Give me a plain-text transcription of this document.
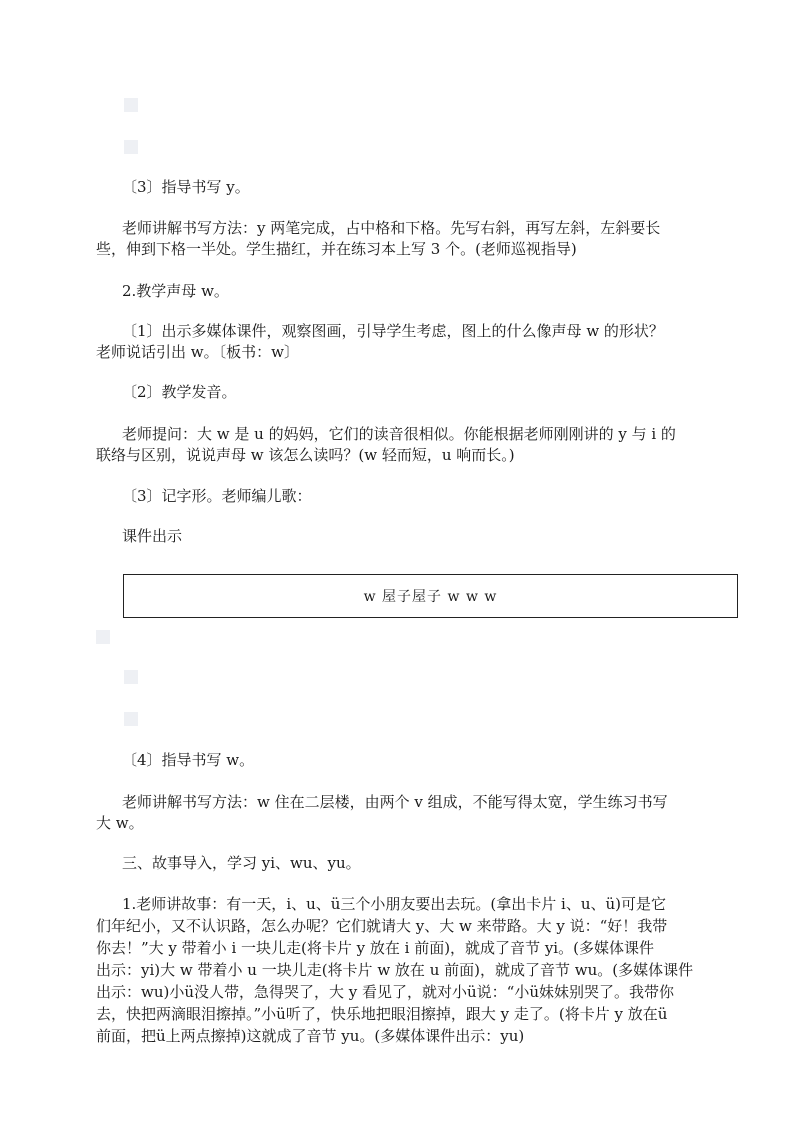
〔3〕指导书写 y。
老师讲解书写方法：y 两笔完成，占中格和下格。先写右斜，再写左斜，左斜要长
些，伸到下格一半处。学生描红，并在练习本上写 3 个。(老师巡视指导)
2.教学声母 w。
〔1〕出示多媒体课件，观察图画，引导学生考虑，图上的什么像声母 w 的形状？
老师说话引出 w。〔板书：w〕
〔2〕教学发音。
老师提问：大 w 是 u 的妈妈，它们的读音很相似。你能根据老师刚刚讲的 y 与 i 的
联络与区别，说说声母 w 该怎么读吗？(w 轻而短，u 响而长。)
〔3〕记字形。老师编儿歌：
课件出示
w 屋子屋子 w w w
〔4〕指导书写 w。
老师讲解书写方法：w 住在二层楼，由两个 v 组成，不能写得太宽，学生练习书写
大 w。
三、故事导入，学习 yi、wu、yu。
1.老师讲故事：有一天，i、u、ü三个小朋友要出去玩。(拿出卡片 i、u、ü)可是它
们年纪小，又不认识路，怎么办呢？它们就请大 y、大 w 来带路。大 y 说：“好！我带
你去！”大 y 带着小 i 一块儿走(将卡片 y 放在 i 前面)，就成了音节 yi。(多媒体课件
出示：yi)大 w 带着小 u 一块儿走(将卡片 w 放在 u 前面)，就成了音节 wu。(多媒体课件
出示：wu)小ü没人带，急得哭了，大 y 看见了，就对小ü说：“小ü妹妹别哭了。我带你
去，快把两滴眼泪擦掉。”小ü听了，快乐地把眼泪擦掉，跟大 y 走了。(将卡片 y 放在ü
前面，把ü上两点擦掉)这就成了音节 yu。(多媒体课件出示：yu)
